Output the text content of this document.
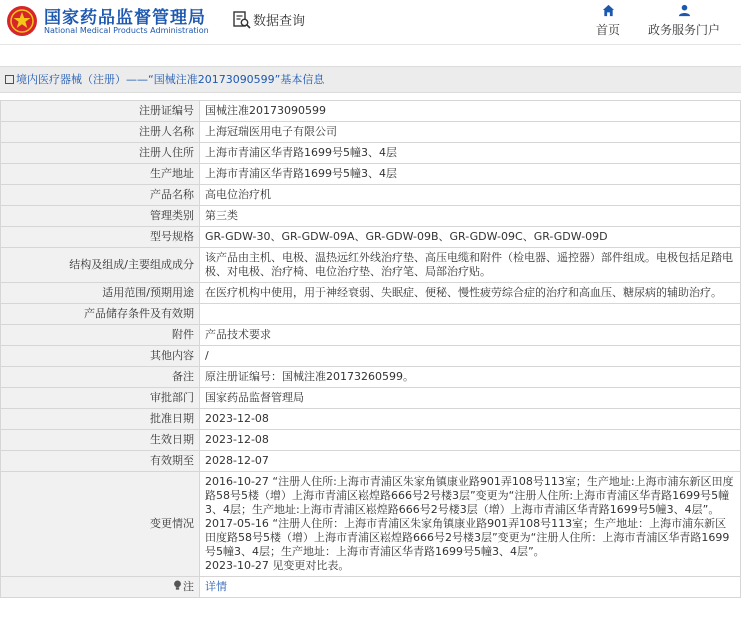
国家药品监督管理局
National Medical Products Administration
数据查询
首页	政务服务门户
境内医疗器械（注册）——“国械注准20173090599”基本信息
注册证编号	国械注准20173090599
注册人名称	上海冠瑞医用电子有限公司
注册人住所	上海市青浦区华青路1699号5幢3、4层
生产地址	上海市青浦区华青路1699号5幢3、4层
产品名称	高电位治疗机
管理类别	第三类
型号规格	GR-GDW-30、GR-GDW-09A、GR-GDW-09B、GR-GDW-09C、GR-GDW-09D
结构及组成/主要组成成分	该产品由主机、电极、温热远红外线治疗垫、高压电缆和附件（检电器、遥控器）部件组成。电极包括足踏电极、对电极、治疗椅、电位治疗垫、治疗笔、局部治疗贴。
适用范围/预期用途	在医疗机构中使用，用于神经衰弱、失眠症、便秘、慢性疲劳综合症的治疗和高血压、糖尿病的辅助治疗。
产品储存条件及有效期	
附件	产品技术要求
其他内容	/
备注	原注册证编号：国械注准20173260599。
审批部门	国家药品监督管理局
批准日期	2023-12-08
生效日期	2023-12-08
有效期至	2028-12-07
变更情况	2016-10-27 “注册人住所:上海市青浦区朱家角镇康业路901弄108号113室；生产地址:上海市浦东新区田度路58号5楼（增）上海市青浦区崧煌路666号2号楼3层”变更为“注册人住所:上海市青浦区华青路1699号5幢3、4层；生产地址:上海市青浦区崧煌路666号2号楼3层（增）上海市青浦区华青路1699号5幢3、4层”。
2017-05-16 “注册人住所：上海市青浦区朱家角镇康业路901弄108号113室；生产地址：上海市浦东新区田度路58号5楼（增）上海市青浦区崧煌路666号2号楼3层”变更为“注册人住所：上海市青浦区华青路1699号5幢3、4层；生产地址：上海市青浦区华青路1699号5幢3、4层”。
2023-10-27 见变更对比表。
注	详情
